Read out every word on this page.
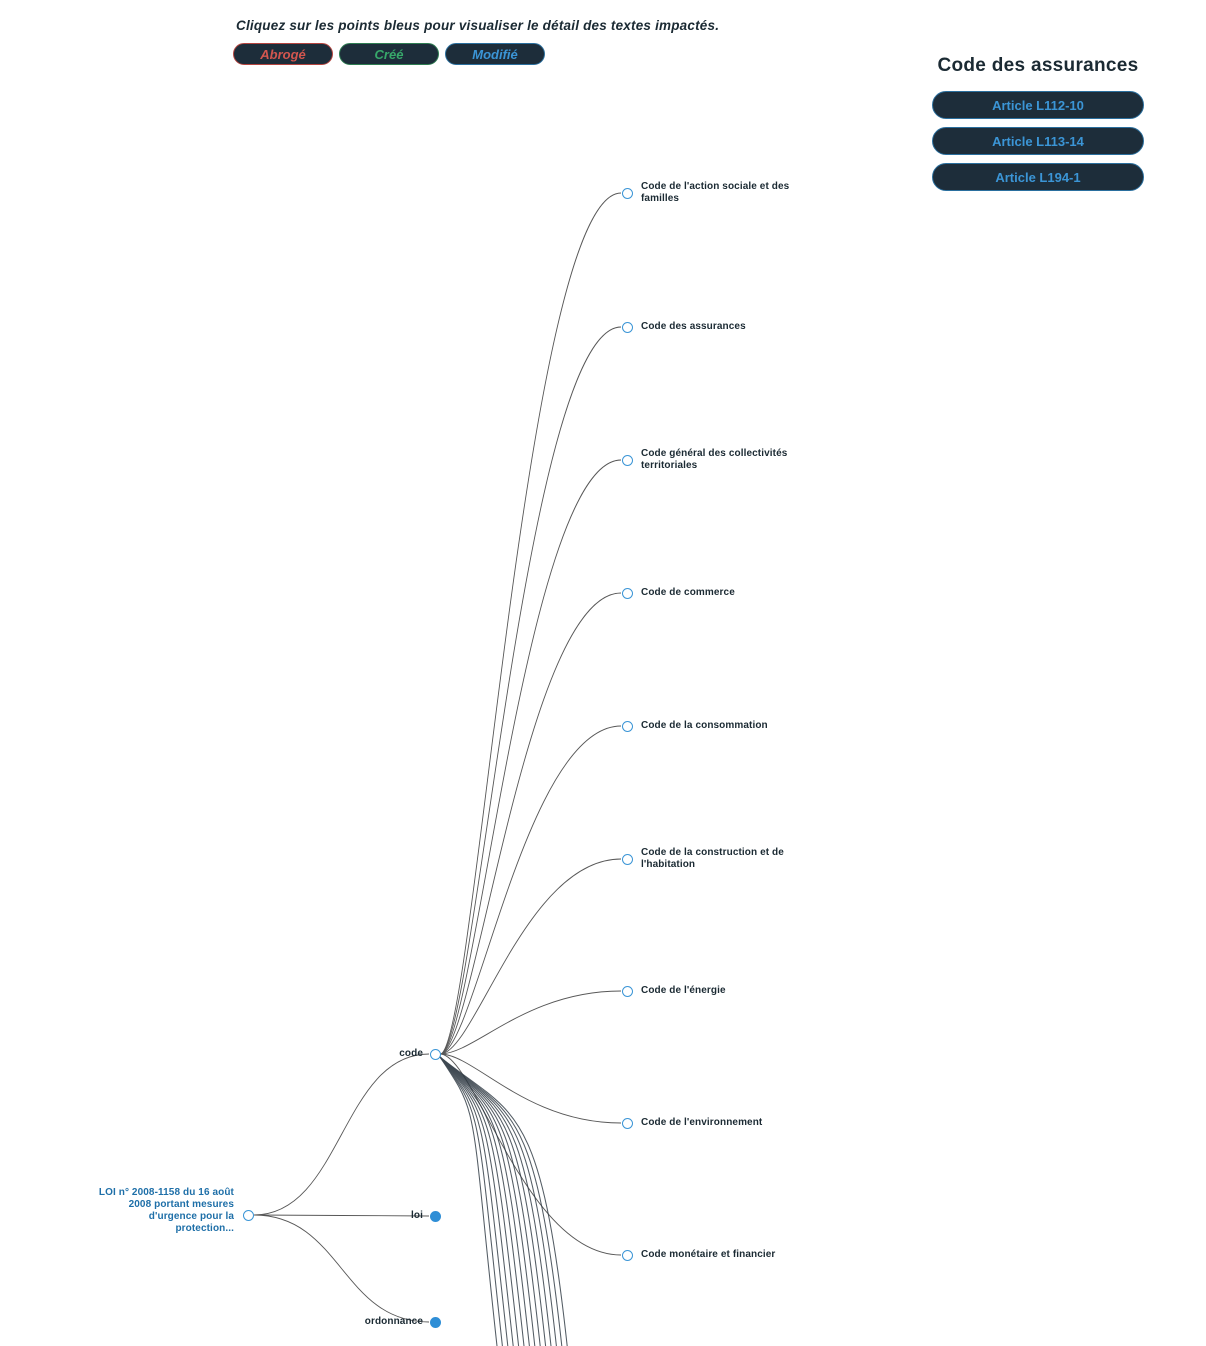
Cliquez sur les points bleus pour visualiser le détail des textes impactés.
Abrogé	Créé	Modifié
Code des assurances
Article L112-10
Article L113-14
Article L194-1
LOI n° 2008-1158 du 16 août 2008 portant mesures d'urgence pour la protection...
code
loi
ordonnance
Code de l'action sociale et des familles
Code des assurances
Code général des collectivités territoriales
Code de commerce
Code de la consommation
Code de la construction et de l'habitation
Code de l'énergie
Code de l'environnement
Code monétaire et financier
